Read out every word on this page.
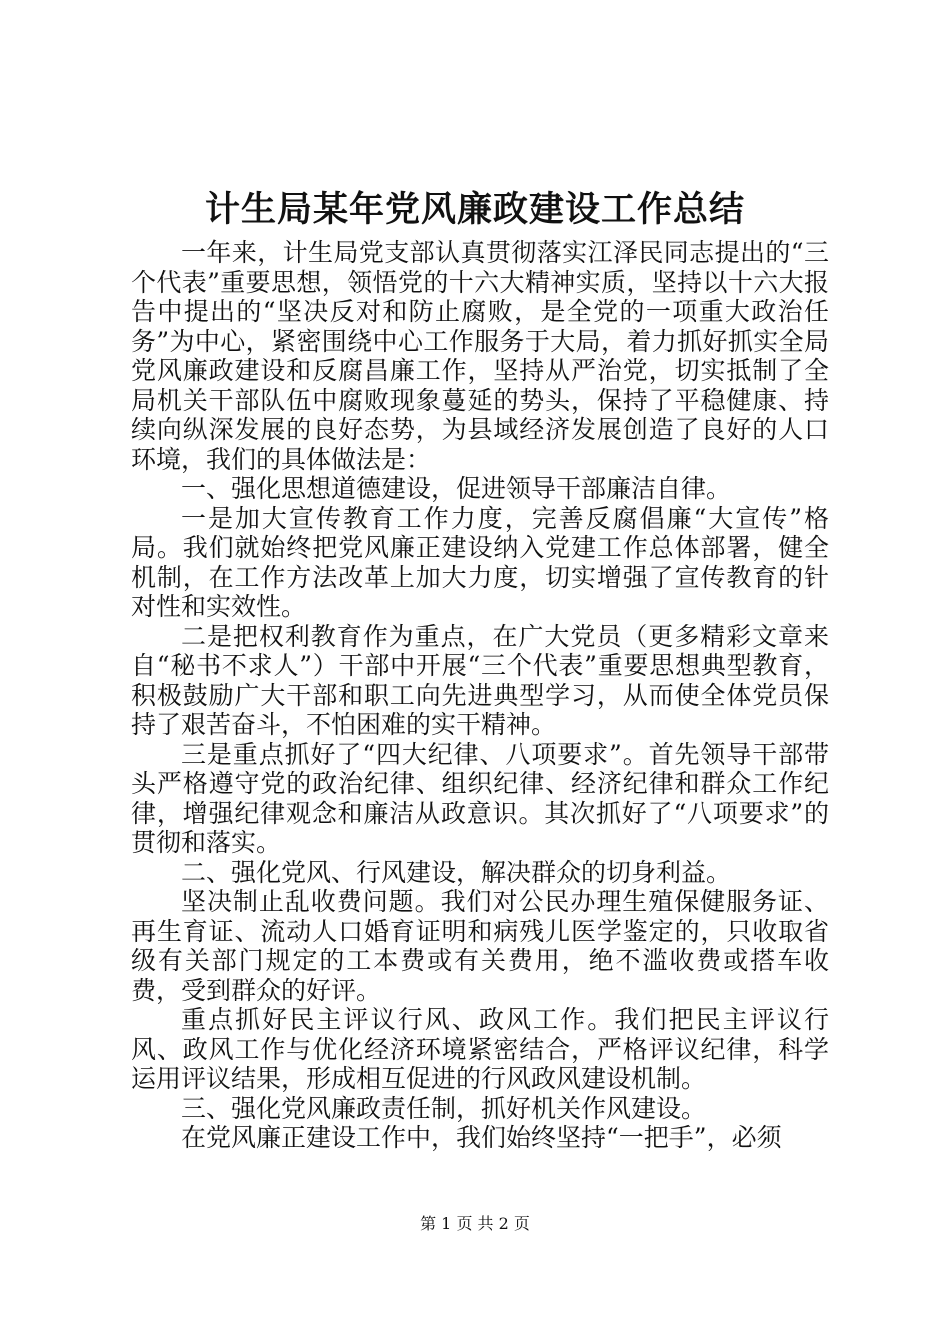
计生局某年党风廉政建设工作总结

一年来，计生局党支部认真贯彻落实江泽民同志提出的“三个代表”重要思想，领悟党的十六大精神实质，坚持以十六大报告中提出的“坚决反对和防止腐败，是全党的一项重大政治任务”为中心，紧密围绕中心工作服务于大局，着力抓好抓实全局党风廉政建设和反腐昌廉工作，坚持从严治党，切实抵制了全局机关干部队伍中腐败现象蔓延的势头，保持了平稳健康、持续向纵深发展的良好态势，为县域经济发展创造了良好的人口环境，我们的具体做法是：

一、强化思想道德建设，促进领导干部廉洁自律。

一是加大宣传教育工作力度，完善反腐倡廉“大宣传”格局。我们就始终把党风廉正建设纳入党建工作总体部署，健全机制，在工作方法改革上加大力度，切实增强了宣传教育的针对性和实效性。

二是把权利教育作为重点，在广大党员（更多精彩文章来自“秘书不求人”）干部中开展“三个代表”重要思想典型教育，积极鼓励广大干部和职工向先进典型学习，从而使全体党员保持了艰苦奋斗，不怕困难的实干精神。

三是重点抓好了“四大纪律、八项要求”。首先领导干部带头严格遵守党的政治纪律、组织纪律、经济纪律和群众工作纪律，增强纪律观念和廉洁从政意识。其次抓好了“八项要求”的贯彻和落实。

二、强化党风、行风建设，解决群众的切身利益。

坚决制止乱收费问题。我们对公民办理生殖保健服务证、再生育证、流动人口婚育证明和病残儿医学鉴定的，只收取省级有关部门规定的工本费或有关费用，绝不滥收费或搭车收费，受到群众的好评。

重点抓好民主评议行风、政风工作。我们把民主评议行风、政风工作与优化经济环境紧密结合，严格评议纪律，科学运用评议结果，形成相互促进的行风政风建设机制。

三、强化党风廉政责任制，抓好机关作风建设。

在党风廉正建设工作中，我们始终坚持“一把手”，必须

第 1 页 共 2 页
